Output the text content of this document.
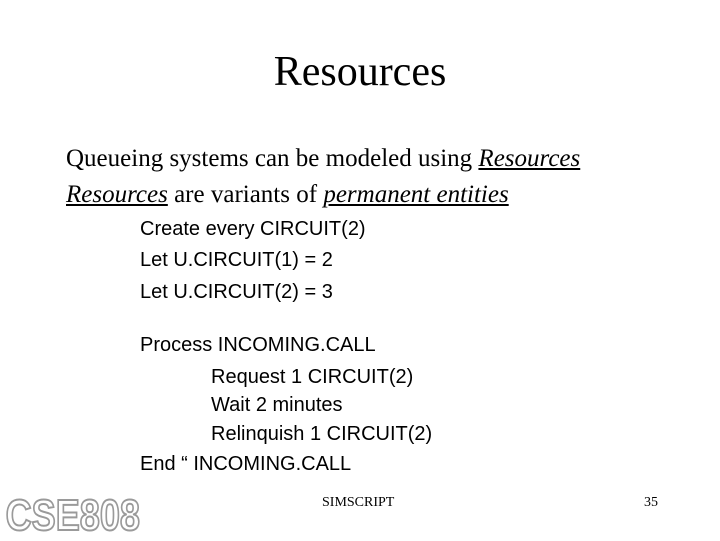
Resources
Queueing systems can be modeled using Resources
Resources are variants of permanent entities
Create every CIRCUIT(2)
Let U.CIRCUIT(1) = 2
Let U.CIRCUIT(2) = 3
Process INCOMING.CALL
Request 1 CIRCUIT(2)
Wait 2 minutes
Relinquish 1 CIRCUIT(2)
End “ INCOMING.CALL
SIMSCRIPT	35
CSE808
